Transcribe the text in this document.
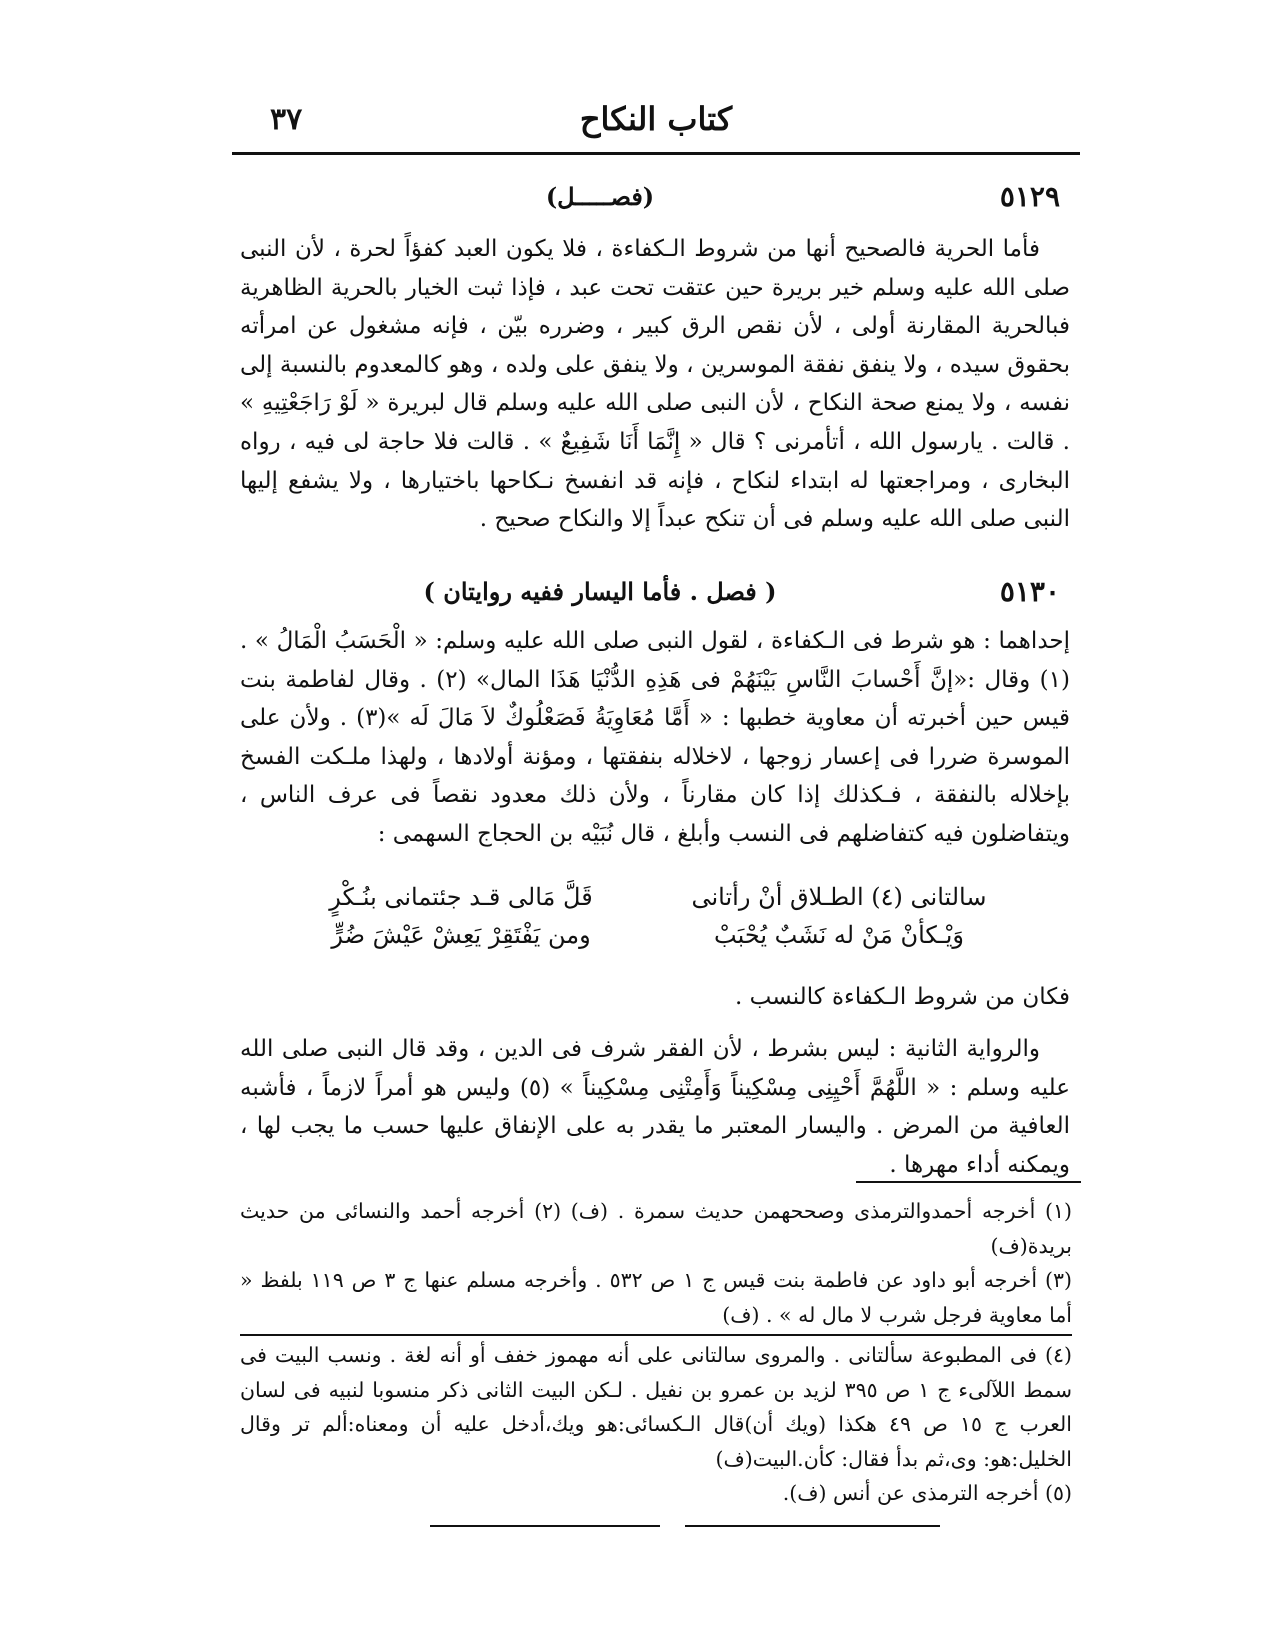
كتاب النكاح
٣٧
٥١٢٩
(فصـــــل)

فأما الحرية فالصحيح أنها من شروط الـكفاءة ، فلا يكون العبد كفؤاً لحرة ، لأن النبى صلى الله عليه وسلم خير بريرة حين عتقت تحت عبد ، فإذا ثبت الخيار بالحرية الظاهرية فبالحرية المقارنة أولى ، لأن نقص الرق كبير ، وضرره بيّن ، فإنه مشغول عن امرأته بحقوق سيده ، ولا ينفق نفقة الموسرين ، ولا ينفق على ولده ، وهو كالمعدوم بالنسبة إلى نفسه ، ولا يمنع صحة النكاح ، لأن النبى صلى الله عليه وسلم قال لبريرة « لَوْ رَاجَعْتِيهِ » . قالت . يارسول الله ، أتأمرنى ؟ قال « إِنَّمَا أَنَا شَفِيعٌ » . قالت فلا حاجة لى فيه ، رواه البخارى ، ومراجعتها له ابتداء لنكاح ، فإنه قد انفسخ نـكاحها باختيارها ، ولا يشفع إليها النبى صلى الله عليه وسلم فى أن تنكح عبداً إلا والنكاح صحيح .

٥١٣٠
( فصل . فأما اليسار ففيه روايتان )

إحداهما : هو شرط فى الـكفاءة ، لقول النبى صلى الله عليه وسلم: « الْحَسَبُ الْمَالُ » .(١) وقال :«إنَّ أَحْسابَ النَّاسِ بَيْنَهُمْ فى هَذِهِ الدُّنْيَا هَذَا المال» (٢) . وقال لفاطمة بنت قيس حين أخبرته أن معاوية خطبها : « أَمَّا مُعَاوِيَةُ فَصَعْلُوكٌ لاَ مَالَ لَه »(٣) . ولأن على الموسرة ضررا فى إعسار زوجها ، لاخلاله بنفقتها ، ومؤنة أولادها ، ولهذا ملـكت الفسخ بإخلاله بالنفقة ، فـكذلك إذا كان مقارناً ، ولأن ذلك معدود نقصاً فى عرف الناس ، ويتفاضلون فيه كتفاضلهم فى النسب وأبلغ ، قال نُبَيْه بن الحجاج السهمى :

سالتانى (٤) الطـلاق أنْ رأتانى
قَلَّ مَالى قـد جئتمانى بنُـكْرٍ
وَيْـكأنْ مَنْ له نَشَبٌ يُحْبَبْ
ومن يَفْتَقِرْ يَعِشْ عَيْشَ ضُرٍّ

فكان من شروط الـكفاءة كالنسب .

والرواية الثانية : ليس بشرط ، لأن الفقر شرف فى الدين ، وقد قال النبى صلى الله عليه وسلم : « اللَّهُمَّ أَحْيِنِى مِسْكِيناً وَأَمِتْنِى مِسْكِيناً » (٥) وليس هو أمراً لازماً ، فأشبه العافية من المرض . واليسار المعتبر ما يقدر به على الإنفاق عليها حسب ما يجب لها ، ويمكنه أداء مهرها .

(١) أخرجه أحمدوالترمذى وصححهمن حديث سمرة . (ف) (٢) أخرجه أحمد والنسائى من حديث بريدة(ف)

(٣) أخرجه أبو داود عن فاطمة بنت قيس ج ١ ص ٥٣٢ . وأخرجه مسلم عنها ج ٣ ص ١١٩ بلفظ « أما معاوية فرجل شرب لا مال له » . (ف)

(٤) فى المطبوعة سألتانى . والمروى سالتانى على أنه مهموز خفف أو أنه لغة . ونسب البيت فى سمط اللآلىء ج ١ ص ٣٩٥ لزيد بن عمرو بن نفيل . لـكن البيت الثانى ذكر منسوبا لنبيه فى لسان العرب ج ١٥ ص ٤٩ هكذا (ويك أن)قال الـكسائى:هو ويك،أدخل عليه أن ومعناه:ألم تر وقال الخليل:هو: وى،ثم بدأ فقال: كأن.البيت(ف)

(٥) أخرجه الترمذى عن أنس (ف).
